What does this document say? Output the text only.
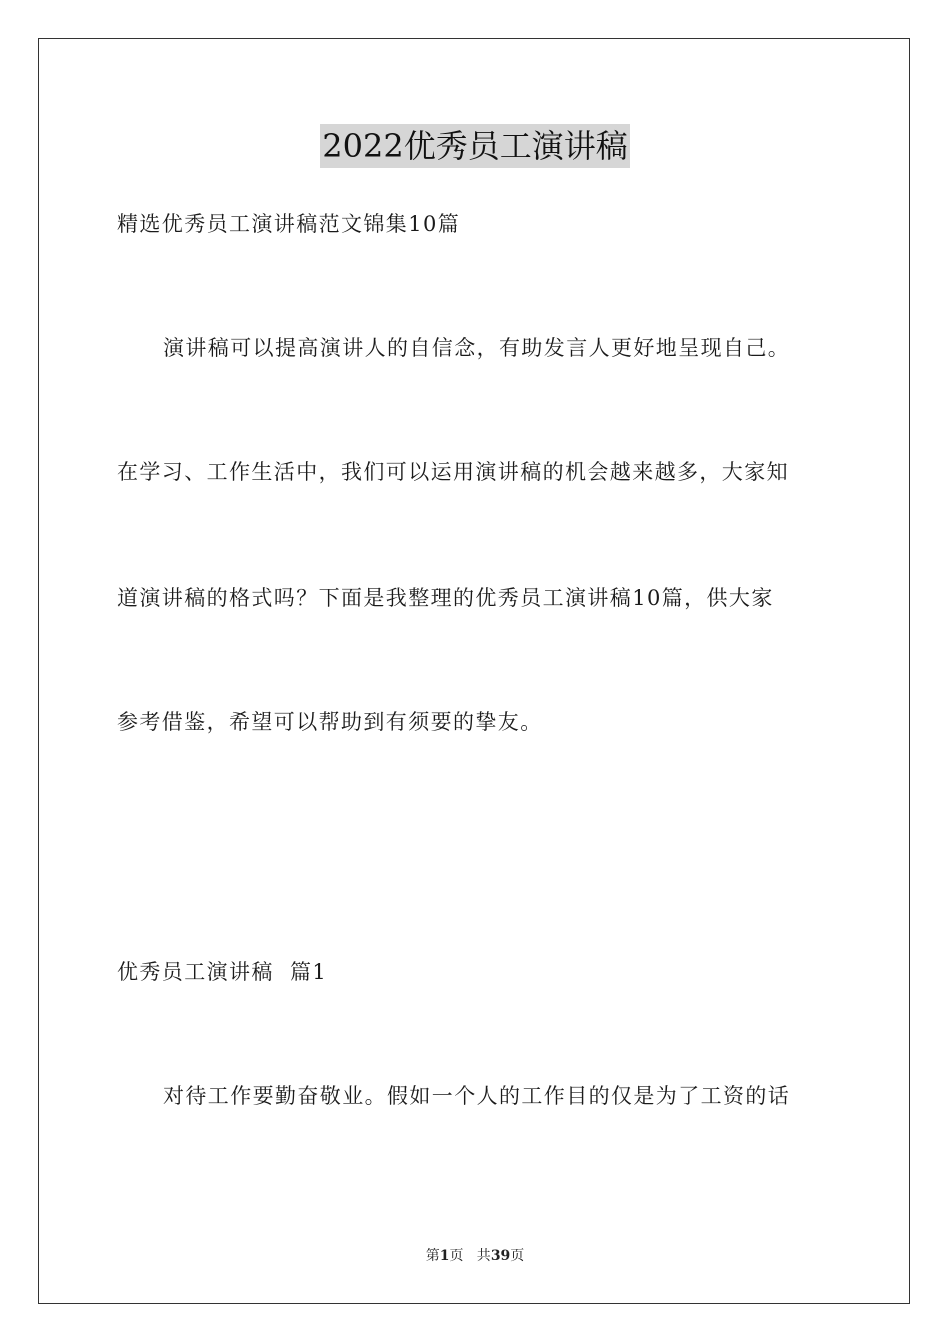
2022优秀员工演讲稿
精选优秀员工演讲稿范文锦集10篇
演讲稿可以提高演讲人的自信念，有助发言人更好地呈现自己。
在学习、工作生活中，我们可以运用演讲稿的机会越来越多，大家知
道演讲稿的格式吗？下面是我整理的优秀员工演讲稿10篇，供大家
参考借鉴，希望可以帮助到有须要的挚友。
优秀员工演讲稿  篇1
对待工作要勤奋敬业。假如一个人的工作目的仅是为了工资的话
第1页   共39页
